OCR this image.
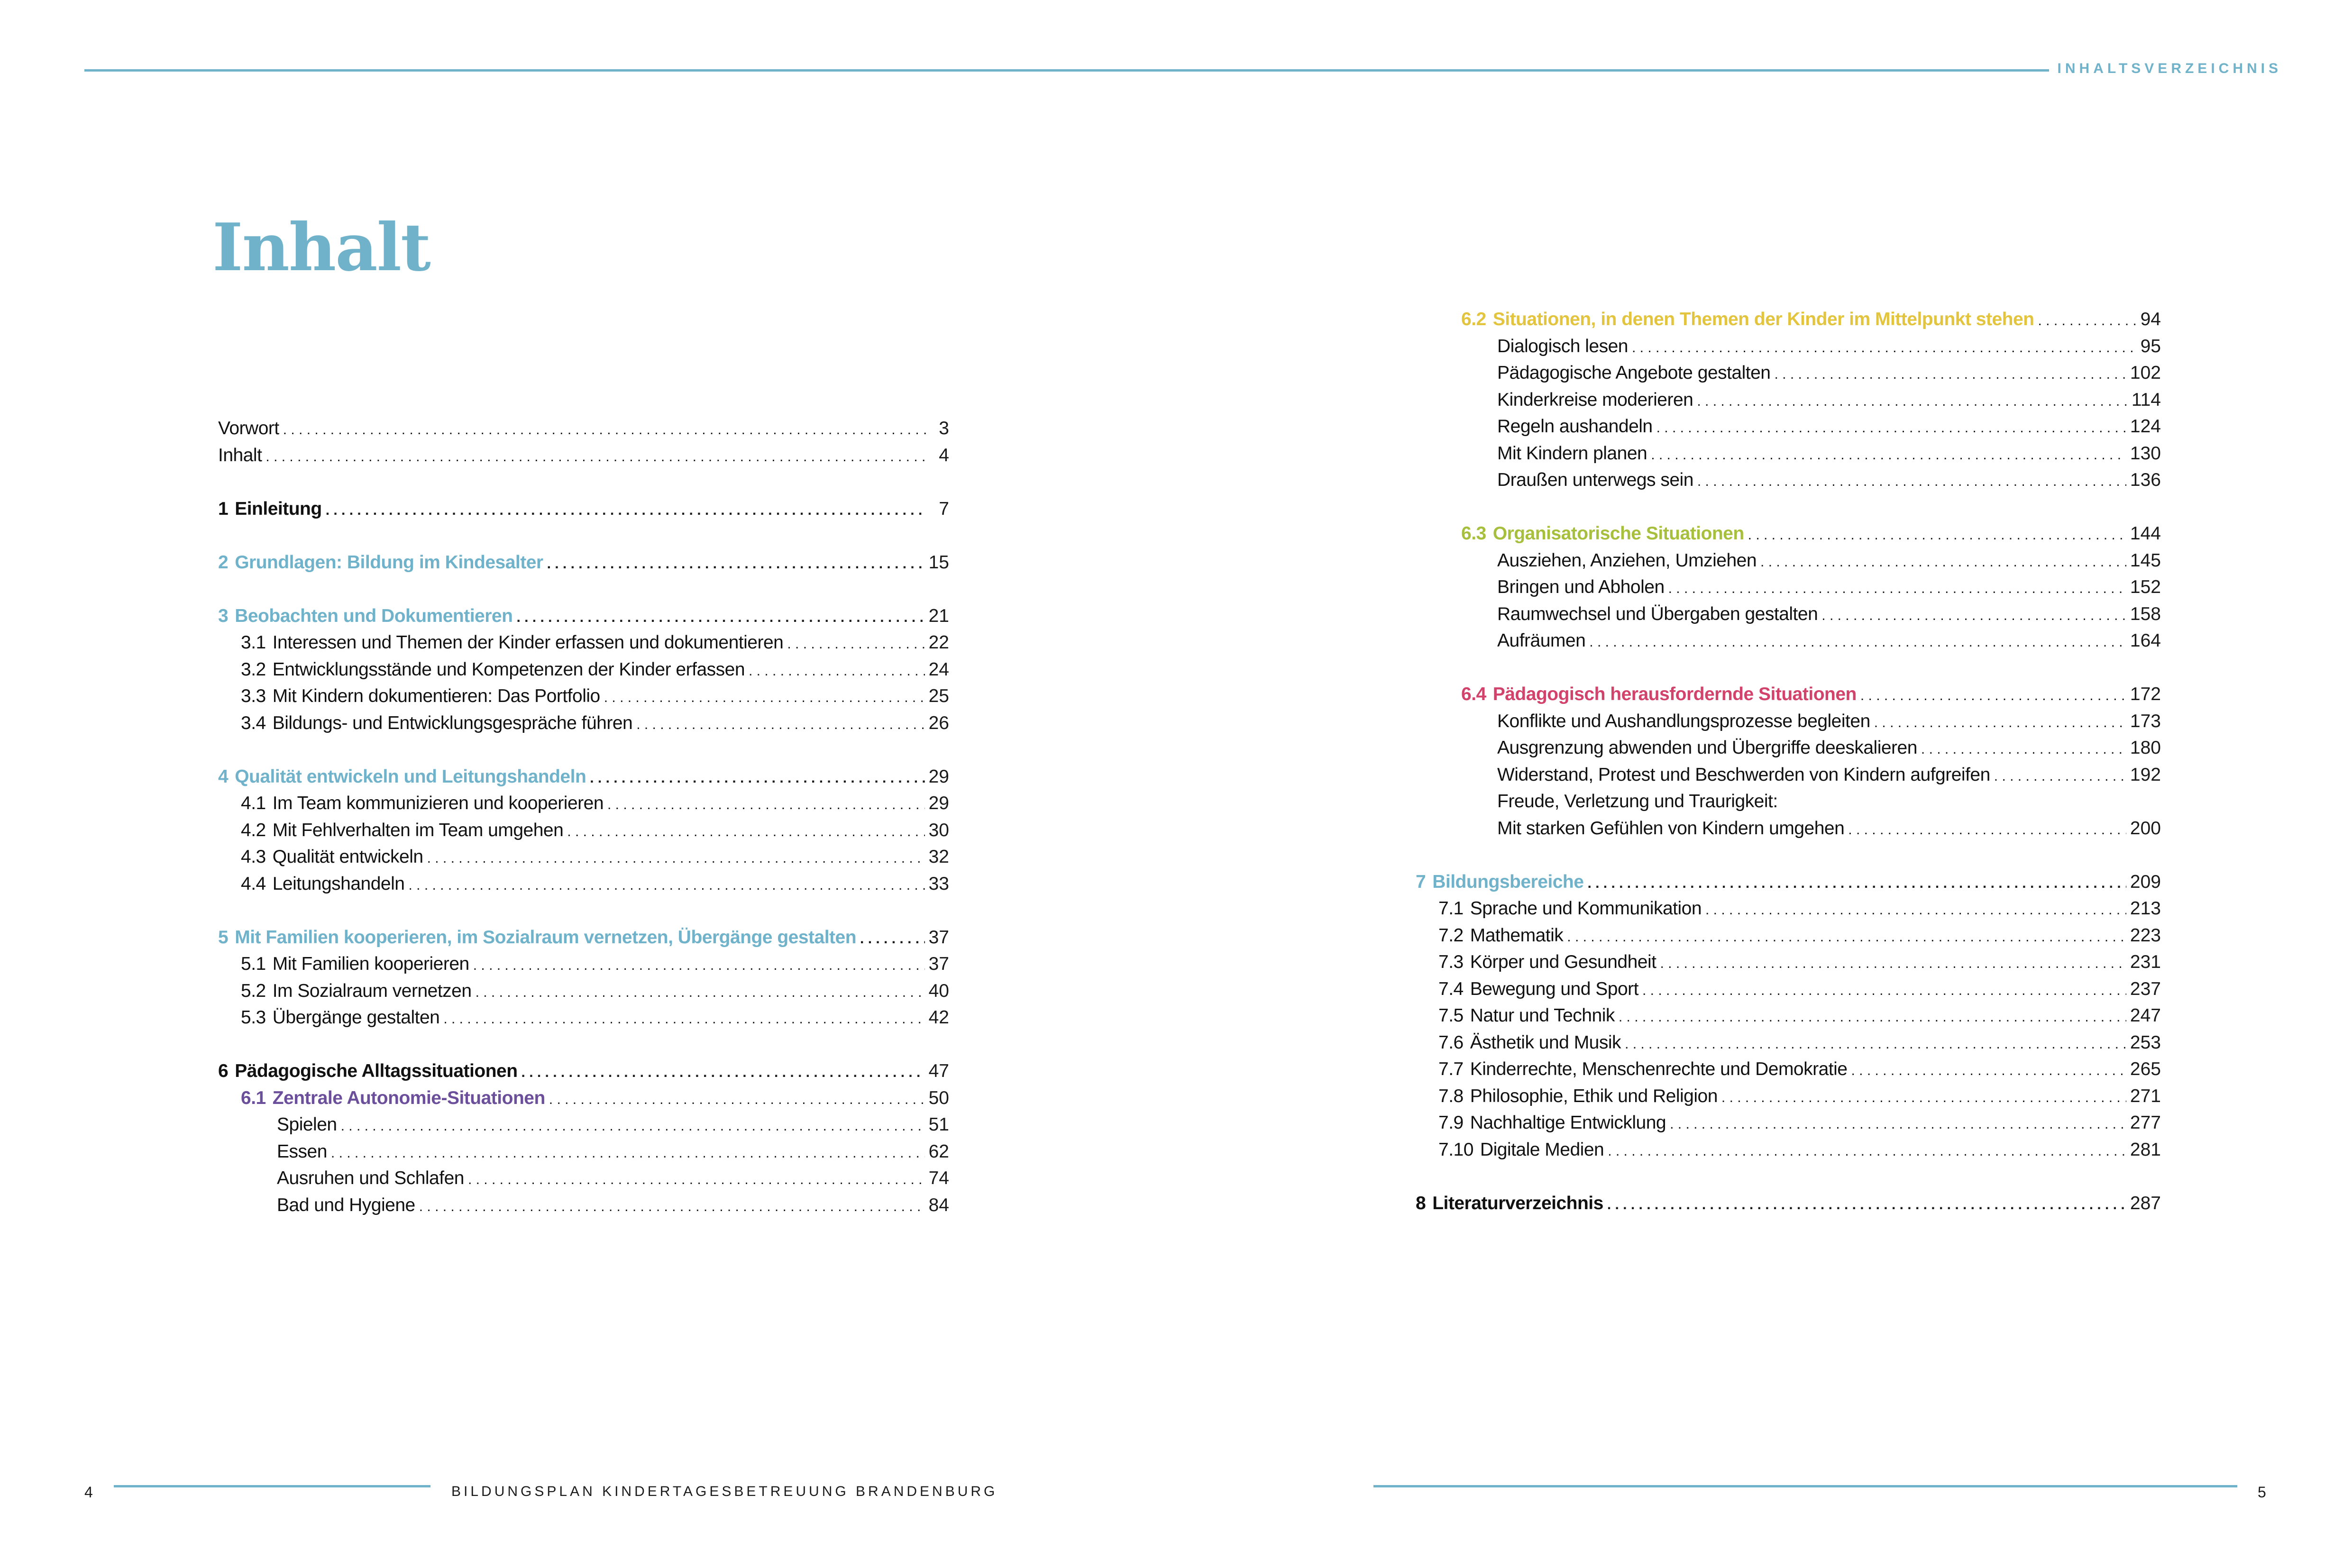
INHALTSVERZEICHNIS
Inhalt
Vorwort . . .	3
Inhalt . . .	4
1 Einleitung . . .	7
2 Grundlagen: Bildung im Kindesalter . . .	15
3 Beobachten und Dokumentieren . . .	21
3.1 Interessen und Themen der Kinder erfassen und dokumentieren . . .	22
3.2 Entwicklungsstände und Kompetenzen der Kinder erfassen . . .	24
3.3 Mit Kindern dokumentieren: Das Portfolio . . .	25
3.4 Bildungs- und Entwicklungsgespräche führen . . .	26
4 Qualität entwickeln und Leitungshandeln . . .	29
4.1 Im Team kommunizieren und kooperieren . . .	29
4.2 Mit Fehlverhalten im Team umgehen . . .	30
4.3 Qualität entwickeln . . .	32
4.4 Leitungshandeln . . .	33
5 Mit Familien kooperieren, im Sozialraum vernetzen, Übergänge gestalten . . .	37
5.1 Mit Familien kooperieren . . .	37
5.2 Im Sozialraum vernetzen . . .	40
5.3 Übergänge gestalten . . .	42
6 Pädagogische Alltagssituationen . . .	47
6.1 Zentrale Autonomie-Situationen . . .	50
Spielen . . .	51
Essen . . .	62
Ausruhen und Schlafen . . .	74
Bad und Hygiene . . .	84
6.2 Situationen, in denen Themen der Kinder im Mittelpunkt stehen . . .	94
Dialogisch lesen . . .	95
Pädagogische Angebote gestalten . . .	102
Kinderkreise moderieren . . .	114
Regeln aushandeln . . .	124
Mit Kindern planen . . .	130
Draußen unterwegs sein . . .	136
6.3 Organisatorische Situationen . . .	144
Ausziehen, Anziehen, Umziehen . . .	145
Bringen und Abholen . . .	152
Raumwechsel und Übergaben gestalten . . .	158
Aufräumen . . .	164
6.4 Pädagogisch herausfordernde Situationen . . .	172
Konflikte und Aushandlungsprozesse begleiten . . .	173
Ausgrenzung abwenden und Übergriffe deeskalieren . . .	180
Widerstand, Protest und Beschwerden von Kindern aufgreifen . . .	192
Freude, Verletzung und Traurigkeit:
Mit starken Gefühlen von Kindern umgehen . . .	200
7 Bildungsbereiche . . .	209
7.1 Sprache und Kommunikation . . .	213
7.2 Mathematik . . .	223
7.3 Körper und Gesundheit . . .	231
7.4 Bewegung und Sport . . .	237
7.5 Natur und Technik . . .	247
7.6 Ästhetik und Musik . . .	253
7.7 Kinderrechte, Menschenrechte und Demokratie . . .	265
7.8 Philosophie, Ethik und Religion . . .	271
7.9 Nachhaltige Entwicklung . . .	277
7.10 Digitale Medien . . .	281
8 Literaturverzeichnis . . .	287
4	BILDUNGSPLAN KINDERTAGESBETREUUNG BRANDENBURG	5
